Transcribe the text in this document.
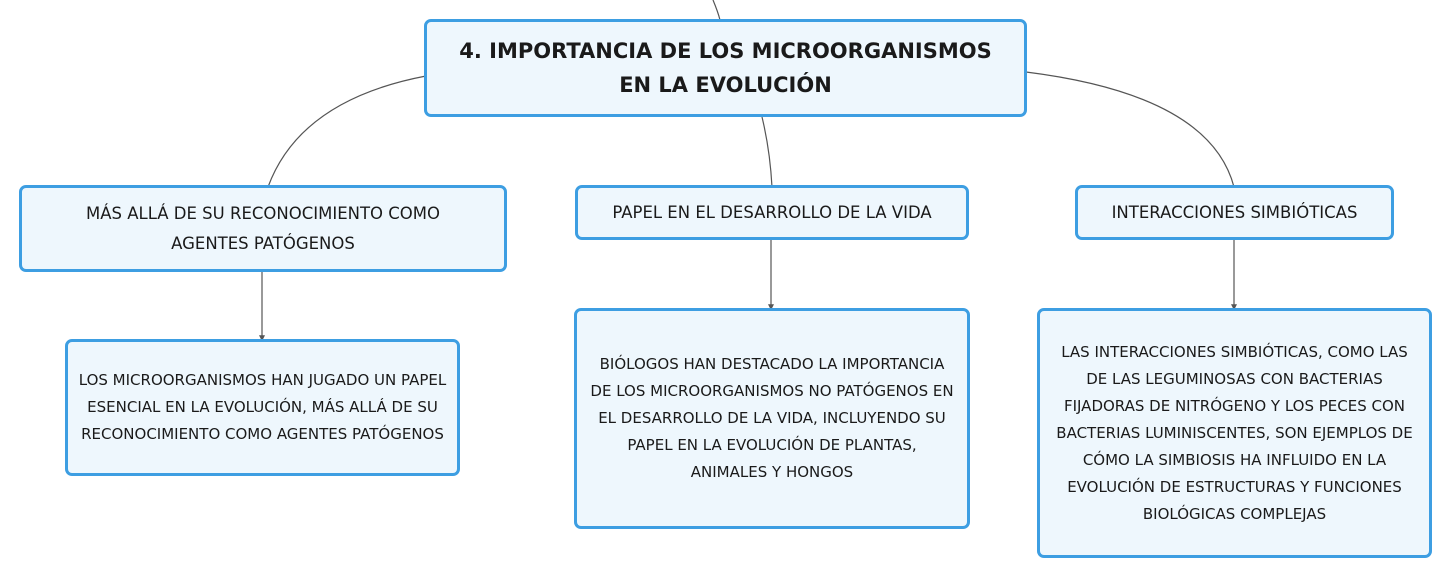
4. IMPORTANCIA DE LOS MICROORGANISMOS EN LA EVOLUCIÓN
MÁS ALLÁ DE SU RECONOCIMIENTO COMO AGENTES PATÓGENOS
PAPEL EN EL DESARROLLO DE LA VIDA	INTERACCIONES SIMBIÓTICAS
LOS MICROORGANISMOS HAN JUGADO UN PAPEL ESENCIAL EN LA EVOLUCIÓN, MÁS ALLÁ DE SU RECONOCIMIENTO COMO AGENTES PATÓGENOS
BIÓLOGOS HAN DESTACADO LA IMPORTANCIA DE LOS MICROORGANISMOS NO PATÓGENOS EN EL DESARROLLO DE LA VIDA, INCLUYENDO SU PAPEL EN LA EVOLUCIÓN DE PLANTAS, ANIMALES Y HONGOS
LAS INTERACCIONES SIMBIÓTICAS, COMO LAS DE LAS LEGUMINOSAS CON BACTERIAS FIJADORAS DE NITRÓGENO Y LOS PECES CON BACTERIAS LUMINISCENTES, SON EJEMPLOS DE CÓMO LA SIMBIOSIS HA INFLUIDO EN LA EVOLUCIÓN DE ESTRUCTURAS Y FUNCIONES BIOLÓGICAS COMPLEJAS
